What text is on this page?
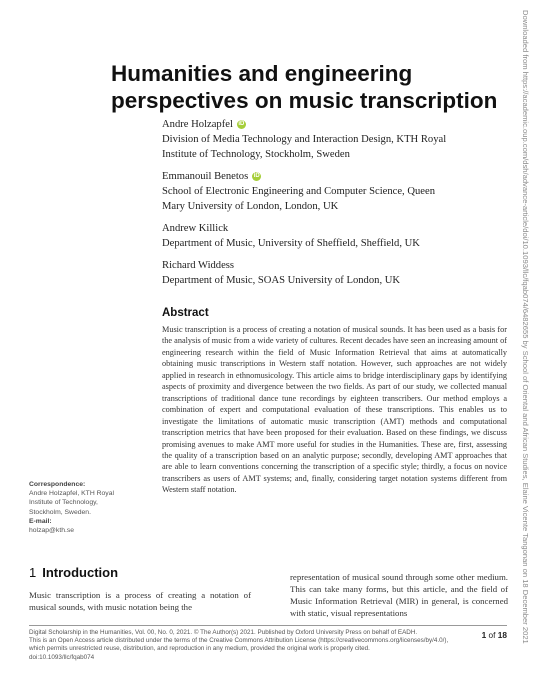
Downloaded from https://academic.oup.com/dsh/advance-article/doi/10.1093/llc/fqab074/6482655 by School of Oriental and African Studies, Elaine Vicente Tangonan on 18 December 2021
Humanities and engineering
perspectives on music transcription
Andre Holzapfel iD
Division of Media Technology and Interaction Design, KTH Royal
Institute of Technology, Stockholm, Sweden
Emmanouil Benetos iD
School of Electronic Engineering and Computer Science, Queen
Mary University of London, London, UK
Andrew Killick
Department of Music, University of Sheffield, Sheffield, UK
Richard Widdess
Department of Music, SOAS University of London, UK
Abstract
Music transcription is a process of creating a notation of musical sounds. It has been used as a basis for the analysis of music from a wide variety of cultures. Recent decades have seen an increasing amount of engineering research within the field of Music Information Retrieval that aims at automatically obtaining music transcriptions in Western staff notation. However, such approaches are not widely applied in research in ethnomusicology. This article aims to bridge interdisciplinary gaps by identifying aspects of proximity and divergence between the two fields. As part of our study, we collected manual transcriptions of traditional dance tune recordings by eighteen transcribers. Our method employs a combination of expert and computational evaluation of these transcriptions. This enables us to investigate the limitations of automatic music transcription (AMT) methods and computational transcription metrics that have been proposed for their evaluation. Based on these findings, we discuss promising avenues to make AMT more useful for studies in the Humanities. These are, first, assessing the quality of a transcription based on an analytic purpose; secondly, developing AMT approaches that are able to learn conventions concerning the transcription of a specific style; thirdly, a focus on novice transcribers as users of AMT systems; and, finally, considering target notation systems different from Western staff notation.
Correspondence:
Andre Holzapfel, KTH Royal
Institute of Technology,
Stockholm, Sweden.
E-mail:
holzap@kth.se
1 Introduction
Music transcription is a process of creating a notation of musical sounds, with music notation being the
representation of musical sound through some other medium. This can take many forms, but this article, and the field of Music Information Retrieval (MIR) in general, is concerned with static, visual representations
Digital Scholarship in the Humanities, Vol. 00, No. 0, 2021. © The Author(s) 2021. Published by Oxford University Press on behalf of EADH.
This is an Open Access article distributed under the terms of the Creative Commons Attribution License (https://creativecommons.org/licenses/by/4.0/), which permits unrestricted reuse, distribution, and reproduction in any medium, provided the original work is properly cited.
doi:10.1093/llc/fqab074
1 of 18
